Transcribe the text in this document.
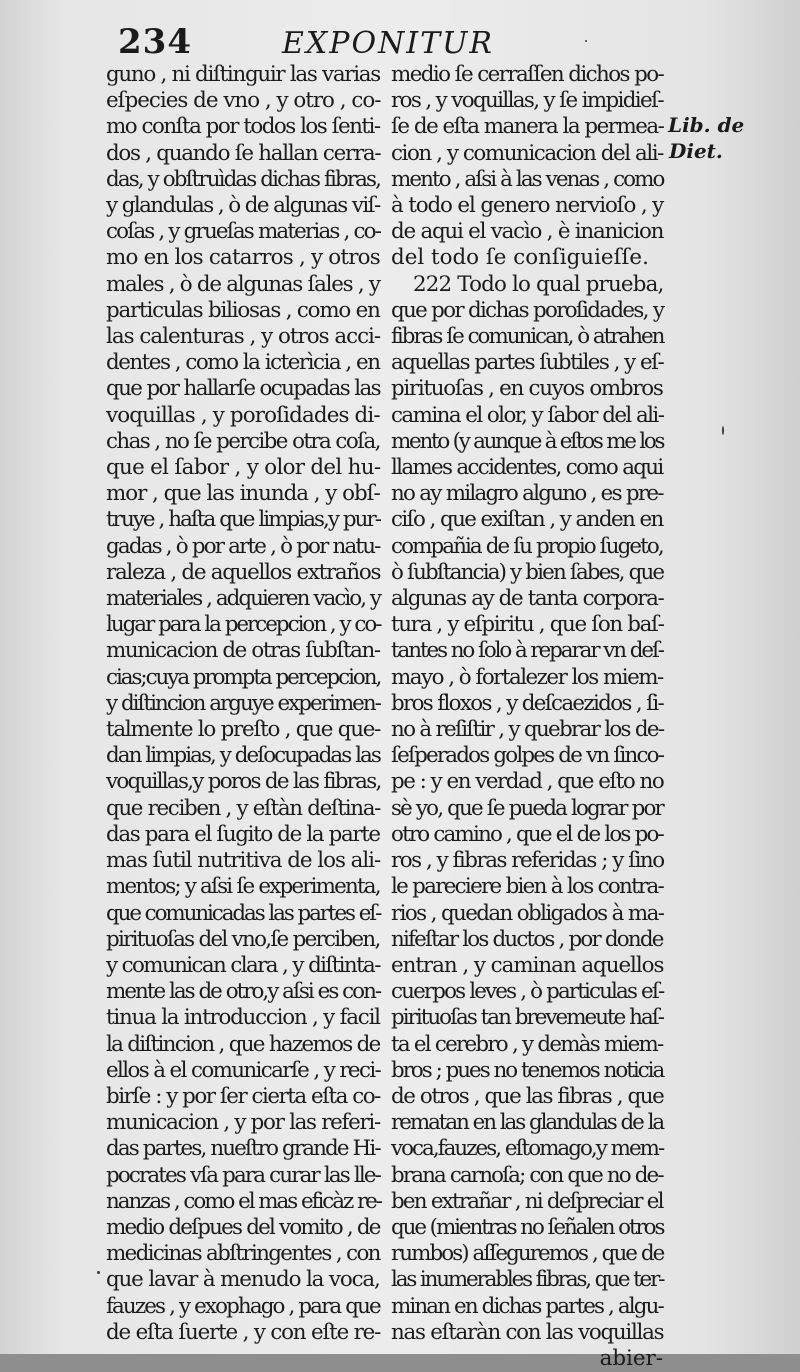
234	EXPONITUR
guno , ni diſtinguir las varias
eſpecies de vno , y otro , co-
mo conſta por todos los ſenti-
dos , quando ſe hallan cerra-
das, y obſtruìdas dichas fibras,
y glandulas , ò de algunas viſ-
coſas , y grueſas materias , co-
mo en los catarros , y otros
males , ò de algunas ſales , y
particulas biliosas , como en
las calenturas , y otros acci-
dentes , como la icterìcia , en
que por hallarſe ocupadas las
voquillas , y poroſidades di-
chas , no ſe percibe otra coſa,
que el ſabor , y olor del hu-
mor , que las inunda , y obſ-
truye , haſta que limpias,y pur-
gadas , ò por arte , ò por natu-
raleza , de aquellos extraños
materiales , adquieren vacìo, y
lugar para la percepcion , y co-
municacion de otras ſubſtan-
cias;cuya prompta percepcion,
y diſtincion arguye experimen-
talmente lo preſto , que que-
dan limpias, y deſocupadas las
voquillas,y poros de las fibras,
que reciben , y eſtàn deſtina-
das para el ſugito de la parte
mas ſutil nutritiva de los ali-
mentos; y aſsi ſe experimenta,
que comunicadas las partes eſ-
pirituoſas del vno,ſe perciben,
y comunican clara , y diſtinta-
mente las de otro,y aſsi es con-
tinua la introduccion , y facil
la diſtincion , que hazemos de
ellos à el comunicarſe , y reci-
birſe : y por ſer cierta eſta co-
municacion , y por las referi-
das partes, nueſtro grande Hi-
pocrates vſa para curar las lle-
nanzas , como el mas eficàz re-
medio deſpues del vomito , de
medicinas abſtringentes , con
que lavar à menudo la voca,
fauzes , y exophago , para que
de eſta ſuerte , y con eſte re-
medio ſe cerraſſen dichos po-
ros , y voquillas, y ſe impidieſ-
ſe de eſta manera la permea-
cion , y comunicacion del ali-
mento , aſsi à las venas , como
à todo el genero nervioſo , y
de aqui el vacìo , è inanicion
del todo ſe conſiguieſſe.
222 Todo lo qual prueba,
que por dichas poroſidades, y
fibras ſe comunican, ò atrahen
aquellas partes ſubtiles , y eſ-
pirituoſas , en cuyos ombros
camina el olor, y ſabor del ali-
mento (y aunque à eſtos me los
llames accidentes, como aqui
no ay milagro alguno , es pre-
ciſo , que exiſtan , y anden en
compañia de ſu propio ſugeto,
ò ſubſtancia) y bien ſabes, que
algunas ay de tanta corpora-
tura , y eſpiritu , que ſon baſ-
tantes no ſolo à reparar vn deſ-
mayo , ò fortalezer los miem-
bros floxos , y deſcaezidos , ſi-
no à reſiſtir , y quebrar los de-
ſeſperados golpes de vn ſinco-
pe : y en verdad , que eſto no
sè yo, que ſe pueda lograr por
otro camino , que el de los po-
ros , y fibras referidas ; y ſino
le pareciere bien à los contra-
rios , quedan obligados à ma-
nifeſtar los ductos , por donde
entran , y caminan aquellos
cuerpos leves , ò particulas eſ-
pirituoſas tan brevemeute haſ-
ta el cerebro , y demàs miem-
bros ; pues no tenemos noticia
de otros , que las fibras , que
rematan en las glandulas de la
voca,fauzes, eſtomago,y mem-
brana carnoſa; con que no de-
ben extrañar , ni deſpreciar el
que (mientras no ſeñalen otros
rumbos) aſſeguremos , que de
las inumerables fibras, que ter-
minan en dichas partes , algu-
nas eſtaràn con las voquillas
abier-
Lib. de
Diet.
